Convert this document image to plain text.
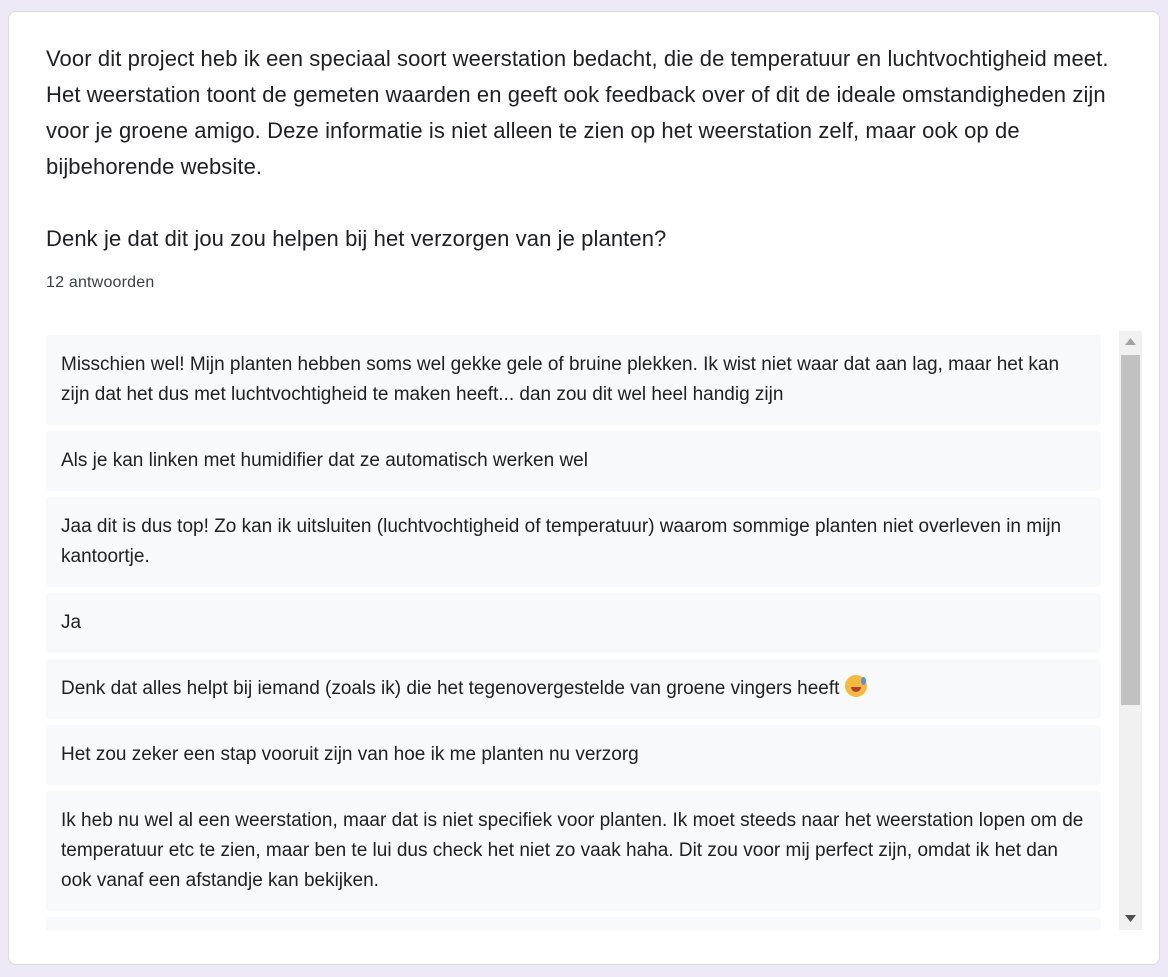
Voor dit project heb ik een speciaal soort weerstation bedacht, die de temperatuur en luchtvochtigheid meet. Het weerstation toont de gemeten waarden en geeft ook feedback over of dit de ideale omstandigheden zijn voor je groene amigo. Deze informatie is niet alleen te zien op het weerstation zelf, maar ook op de bijbehorende website.

Denk je dat dit jou zou helpen bij het verzorgen van je planten?

12 antwoorden
Misschien wel! Mijn planten hebben soms wel gekke gele of bruine plekken. Ik wist niet waar dat aan lag, maar het kan zijn dat het dus met luchtvochtigheid te maken heeft... dan zou dit wel heel handig zijn
Als je kan linken met humidifier dat ze automatisch werken wel
Jaa dit is dus top! Zo kan ik uitsluiten (luchtvochtigheid of temperatuur) waarom sommige planten niet overleven in mijn kantoortje.
Ja
Denk dat alles helpt bij iemand (zoals ik) die het tegenovergestelde van groene vingers heeft
Het zou zeker een stap vooruit zijn van hoe ik me planten nu verzorg
Ik heb nu wel al een weerstation, maar dat is niet specifiek voor planten. Ik moet steeds naar het weerstation lopen om de temperatuur etc te zien, maar ben te lui dus check het niet zo vaak haha. Dit zou voor mij perfect zijn, omdat ik het dan ook vanaf een afstandje kan bekijken.
